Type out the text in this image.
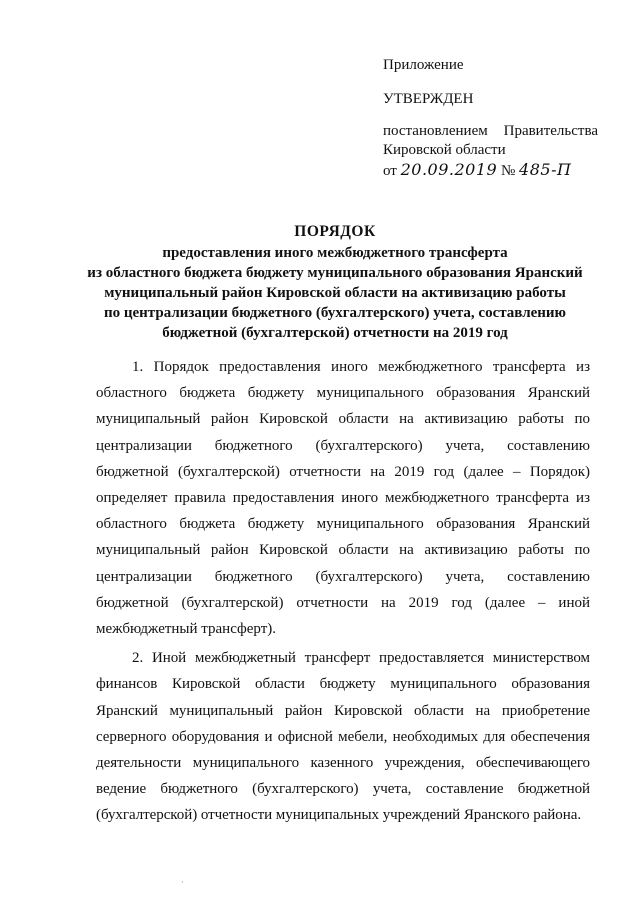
Приложение
УТВЕРЖДЕН
постановлением Правительства
Кировской области
от 20.09.2019 № 485-П
ПОРЯДОК
предоставления иного межбюджетного трансферта
из областного бюджета бюджету муниципального образования Яранский
муниципальный район Кировской области на активизацию работы
по централизации бюджетного (бухгалтерского) учета, составлению
бюджетной (бухгалтерской) отчетности на 2019 год

1. Порядок предоставления иного межбюджетного трансферта из областного бюджета бюджету муниципального образования Яранский муниципальный район Кировской области на активизацию работы по централизации бюджетного (бухгалтерского) учета, составлению бюджетной (бухгалтерской) отчетности на 2019 год (далее – Порядок) определяет правила предоставления иного межбюджетного трансферта из областного бюджета бюджету муниципального образования Яранский муниципальный район Кировской области на активизацию работы по централизации бюджетного (бухгалтерского) учета, составлению бюджетной (бухгалтерской) отчетности на 2019 год (далее – иной межбюджетный трансферт).

2. Иной межбюджетный трансферт предоставляется министерством финансов Кировской области бюджету муниципального образования Яранский муниципальный район Кировской области на приобретение серверного оборудования и офисной мебели, необходимых для обеспечения деятельности муниципального казенного учреждения, обеспечивающего ведение бюджетного (бухгалтерского) учета, составление бюджетной (бухгалтерской) отчетности муниципальных учреждений Яранского района.

·
